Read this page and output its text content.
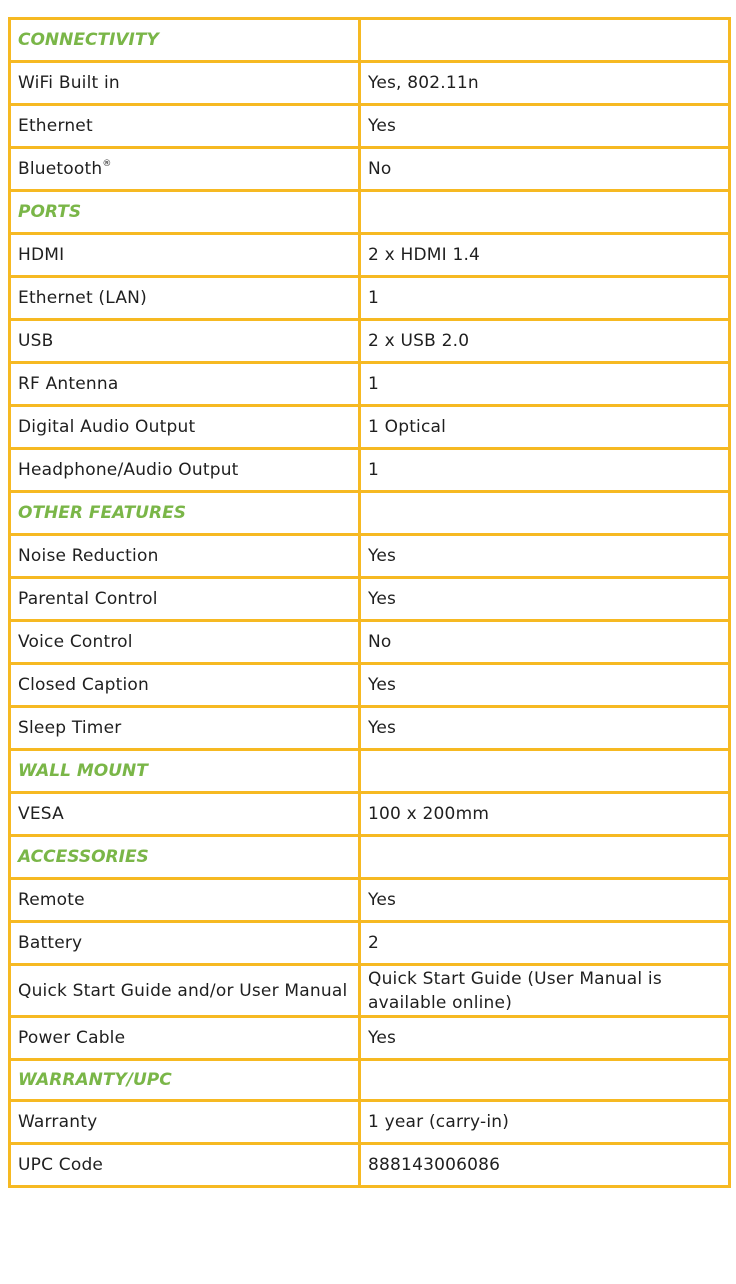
CONNECTIVITY	
WiFi Built in	Yes, 802.11n
Ethernet	Yes
Bluetooth®	No
PORTS	
HDMI	2 x HDMI 1.4
Ethernet (LAN)	1
USB	2 x USB 2.0
RF Antenna	1
Digital Audio Output	1 Optical
Headphone/Audio Output	1
OTHER FEATURES	
Noise Reduction	Yes
Parental Control	Yes
Voice Control	No
Closed Caption	Yes
Sleep Timer	Yes
WALL MOUNT	
VESA	100 x 200mm
ACCESSORIES	
Remote	Yes
Battery	2
Quick Start Guide and/or User Manual	Quick Start Guide (User Manual is available online)
Power Cable	Yes
WARRANTY/UPC	
Warranty	1 year (carry-in)
UPC Code	888143006086
